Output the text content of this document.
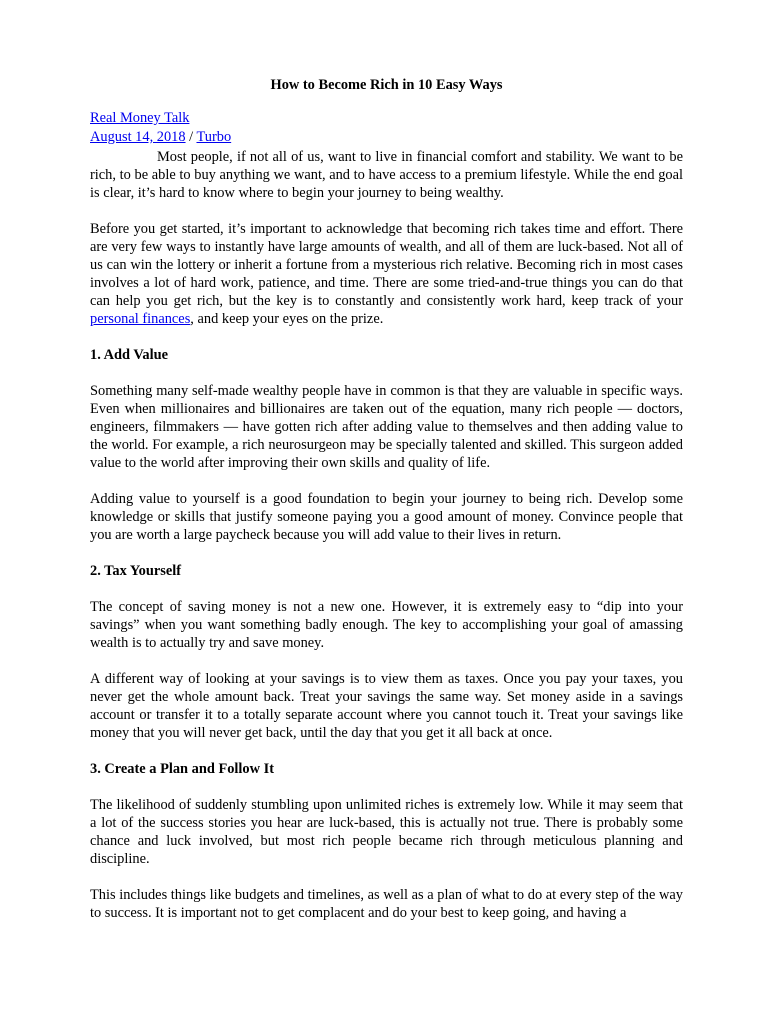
How to Become Rich in 10 Easy Ways
Real Money Talk
August 14, 2018 / Turbo

Most people, if not all of us, want to live in financial comfort and stability. We want to be rich, to be able to buy anything we want, and to have access to a premium lifestyle. While the end goal is clear, it’s hard to know where to begin your journey to being wealthy.

Before you get started, it’s important to acknowledge that becoming rich takes time and effort. There are very few ways to instantly have large amounts of wealth, and all of them are luck-based. Not all of us can win the lottery or inherit a fortune from a mysterious rich relative. Becoming rich in most cases involves a lot of hard work, patience, and time. There are some tried-and-true things you can do that can help you get rich, but the key is to constantly and consistently work hard, keep track of your personal finances, and keep your eyes on the prize.

1. Add Value

Something many self-made wealthy people have in common is that they are valuable in specific ways. Even when millionaires and billionaires are taken out of the equation, many rich people — doctors, engineers, filmmakers — have gotten rich after adding value to themselves and then adding value to the world. For example, a rich neurosurgeon may be specially talented and skilled. This surgeon added value to the world after improving their own skills and quality of life.

Adding value to yourself is a good foundation to begin your journey to being rich. Develop some knowledge or skills that justify someone paying you a good amount of money. Convince people that you are worth a large paycheck because you will add value to their lives in return.

2. Tax Yourself

The concept of saving money is not a new one. However, it is extremely easy to “dip into your savings” when you want something badly enough. The key to accomplishing your goal of amassing wealth is to actually try and save money.

A different way of looking at your savings is to view them as taxes. Once you pay your taxes, you never get the whole amount back. Treat your savings the same way. Set money aside in a savings account or transfer it to a totally separate account where you cannot touch it. Treat your savings like money that you will never get back, until the day that you get it all back at once.

3. Create a Plan and Follow It

The likelihood of suddenly stumbling upon unlimited riches is extremely low. While it may seem that a lot of the success stories you hear are luck-based, this is actually not true. There is probably some chance and luck involved, but most rich people became rich through meticulous planning and discipline.

This includes things like budgets and timelines, as well as a plan of what to do at every step of the way to success. It is important not to get complacent and do your best to keep going, and having a
